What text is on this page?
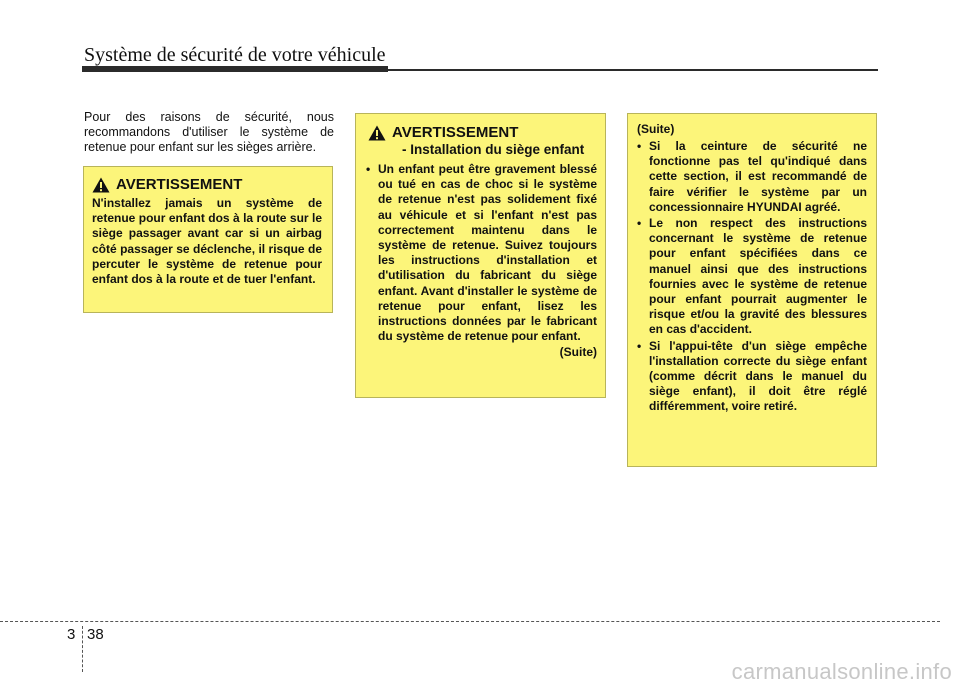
Système de sécurité de votre véhicule

Pour des raisons de sécurité, nous recommandons d'utiliser le système de retenue pour enfant sur les sièges arrière.

AVERTISSEMENT

N'installez jamais un système de retenue pour enfant dos à la route sur le siège passager avant car si un airbag côté passager se déclenche, il risque de percuter le système de retenue pour enfant dos à la route et de tuer l'enfant.

AVERTISSEMENT
- Installation du siège enfant
• Un enfant peut être gravement blessé ou tué en cas de choc si le système de retenue n'est pas solidement fixé au véhicule et si l'enfant n'est pas correctement maintenu dans le système de retenue. Suivez toujours les instructions d'installation et d'utilisation du fabricant du siège enfant. Avant d'installer le système de retenue pour enfant, lisez les instructions données par le fabricant du système de retenue pour enfant.
(Suite)
(Suite)
• Si la ceinture de sécurité ne fonctionne pas tel qu'indiqué dans cette section, il est recommandé de faire vérifier le système par un concessionnaire HYUNDAI agréé.
• Le non respect des instructions concernant le système de retenue pour enfant spécifiées dans ce manuel ainsi que des instructions fournies avec le système de retenue pour enfant pourrait augmenter le risque et/ou la gravité des blessures en cas d'accident.
• Si l'appui-tête d'un siège empêche l'installation correcte du siège enfant (comme décrit dans le manuel du siège enfant), il doit être réglé différemment, voire retiré.
3 38
carmanualsonline.info
